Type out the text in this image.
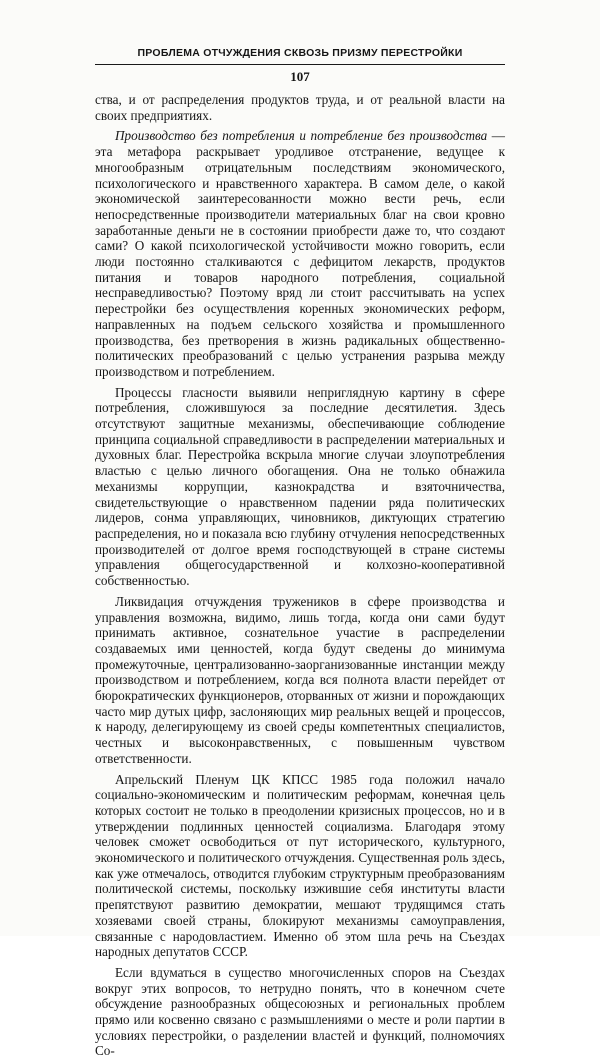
ПРОБЛЕМА ОТЧУЖДЕНИЯ СКВОЗЬ ПРИЗМУ ПЕРЕСТРОЙКИ
107

ства, и от распределения продуктов труда, и от реальной власти на своих предприятиях.

Производство без потребления и потребление без производства — эта метафора раскрывает уродливое отстранение, ведущее к многообразным отрицательным последствиям экономического, психологического и нравственного характера. В самом деле, о какой экономической заинтересованности можно вести речь, если непосредственные производители материальных благ на свои кровно заработанные деньги не в состоянии приобрести даже то, что создают сами? О какой психологической устойчивости можно говорить, если люди постоянно сталкиваются с дефицитом лекарств, продуктов питания и товаров народного потребления, социальной несправедливостью? Поэтому вряд ли стоит рассчитывать на успех перестройки без осуществления коренных экономических реформ, направленных на подъем сельского хозяйства и промышленного производства, без претворения в жизнь радикальных общественно-политических преобразований с целью устранения разрыва между производством и потреблением.

Процессы гласности выявили неприглядную картину в сфере потребления, сложившуюся за последние десятилетия. Здесь отсутствуют защитные механизмы, обеспечивающие соблюдение принципа социальной справедливости в распределении материальных и духовных благ. Перестройка вскрыла многие случаи злоупотребления властью с целью личного обогащения. Она не только обнажила механизмы коррупции, казнокрадства и взяточничества, свидетельствующие о нравственном падении ряда политических лидеров, сонма управляющих, чиновников, диктующих стратегию распределения, но и показала всю глубину отчуления непосредственных производителей от долгое время господствующей в стране системы управления общегосударственной и колхозно-кооперативной собственностью.

Ликвидация отчуждения тружеников в сфере производства и управления возможна, видимо, лишь тогда, когда они сами будут принимать активное, сознательное участие в распределении создаваемых ими ценностей, когда будут сведены до минимума промежуточные, централизованно-заорганизованные инстанции между производством и потреблением, когда вся полнота власти перейдет от бюрократических функционеров, оторванных от жизни и порождающих часто мир дутых цифр, заслоняющих мир реальных вещей и процессов, к народу, делегирующему из своей среды компетентных специалистов, честных и высоконравственных, с повышенным чувством ответственности.

Апрельский Пленум ЦК КПСС 1985 года положил начало социально-экономическим и политическим реформам, конечная цель которых состоит не только в преодолении кризисных процессов, но и в утверждении подлинных ценностей социализма. Благодаря этому человек сможет освободиться от пут исторического, культурного, экономического и политического отчуждения. Существенная роль здесь, как уже отмечалось, отводится глубоким структурным преобразованиям политической системы, поскольку изжившие себя институты власти препятствуют развитию демократии, мешают трудящимся стать хозяевами своей страны, блокируют механизмы самоуправления, связанные с народовластием. Именно об этом шла речь на Съездах народных депутатов СССР.

Если вдуматься в существо многочисленных споров на Съездах вокруг этих вопросов, то нетрудно понять, что в конечном счете обсуждение разнообразных общесоюзных и региональных проблем прямо или косвенно связано с размышлениями о месте и роли партии в условиях перестройки, о разделении властей и функций, полномочиях Со-
